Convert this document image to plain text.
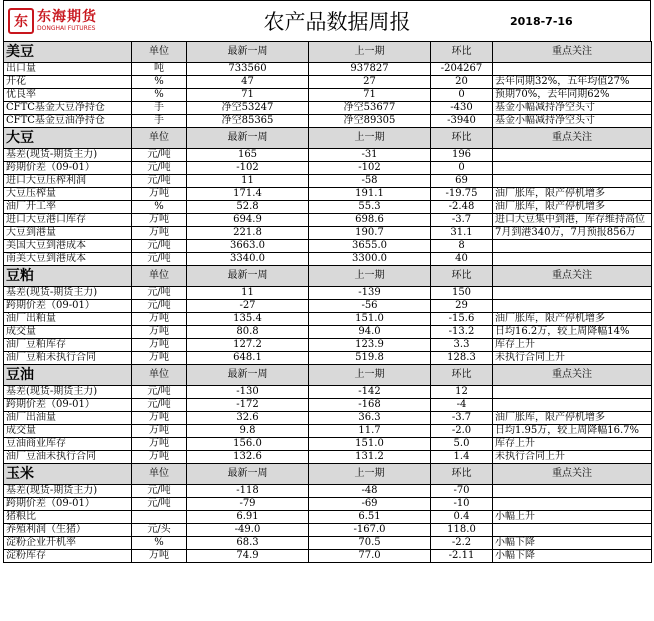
东 东海期货
DONGHAI FUTURES	农产品数据周报	2018-7-16
美豆	单位	最新一周	上一期	环比	重点关注
出口量	吨	733560	937827	-204267	
开花	%	47	27	20	去年同期32%，五年均值27%
优良率	%	71	71	0	预期70%，去年同期62%
CFTC基金大豆净持仓	手	净空53247	净空53677	-430	基金小幅减持净空头寸
CFTC基金豆油净持仓	手	净空85365	净空89305	-3940	基金小幅减持净空头寸
大豆	单位	最新一周	上一期	环比	重点关注
基差(现货-期货主力)	元/吨	165	-31	196	
跨期价差（09-01）	元/吨	-102	-102	0	
进口大豆压榨利润	元/吨	11	-58	69	
大豆压榨量	万吨	171.4	191.1	-19.75	油厂胀库，限产停机增多
油厂开工率	%	52.8	55.3	-2.48	油厂胀库，限产停机增多
进口大豆港口库存	万吨	694.9	698.6	-3.7	进口大豆集中到港，库存维持高位
大豆到港量	万吨	221.8	190.7	31.1	7月到港340万，7月预报856万
美国大豆到港成本	元/吨	3663.0	3655.0	8	
南美大豆到港成本	元/吨	3340.0	3300.0	40	
豆粕	单位	最新一周	上一期	环比	重点关注
基差(现货-期货主力)	元/吨	11	-139	150	
跨期价差（09-01）	元/吨	-27	-56	29	
油厂出粕量	万吨	135.4	151.0	-15.6	油厂胀库，限产停机增多
成交量	万吨	80.8	94.0	-13.2	日均16.2万，较上周降幅14%
油厂豆粕库存	万吨	127.2	123.9	3.3	库存上升
油厂豆粕未执行合同	万吨	648.1	519.8	128.3	未执行合同上升
豆油	单位	最新一周	上一期	环比	重点关注
基差(现货-期货主力)	元/吨	-130	-142	12	
跨期价差（09-01）	元/吨	-172	-168	-4	
油厂出油量	万吨	32.6	36.3	-3.7	油厂胀库，限产停机增多
成交量	万吨	9.8	11.7	-2.0	日均1.95万，较上周降幅16.7%
豆油商业库存	万吨	156.0	151.0	5.0	库存上升
油厂豆油未执行合同	万吨	132.6	131.2	1.4	未执行合同上升
玉米	单位	最新一周	上一期	环比	重点关注
基差(现货-期货主力)	元/吨	-118	-48	-70	
跨期价差（09-01）	元/吨	-79	-69	-10	
猪粮比		6.91	6.51	0.4	小幅上升
养殖利润（生猪）	元/头	-49.0	-167.0	118.0	
淀粉企业开机率	%	68.3	70.5	-2.2	小幅下降
淀粉库存	万吨	74.9	77.0	-2.11	小幅下降
